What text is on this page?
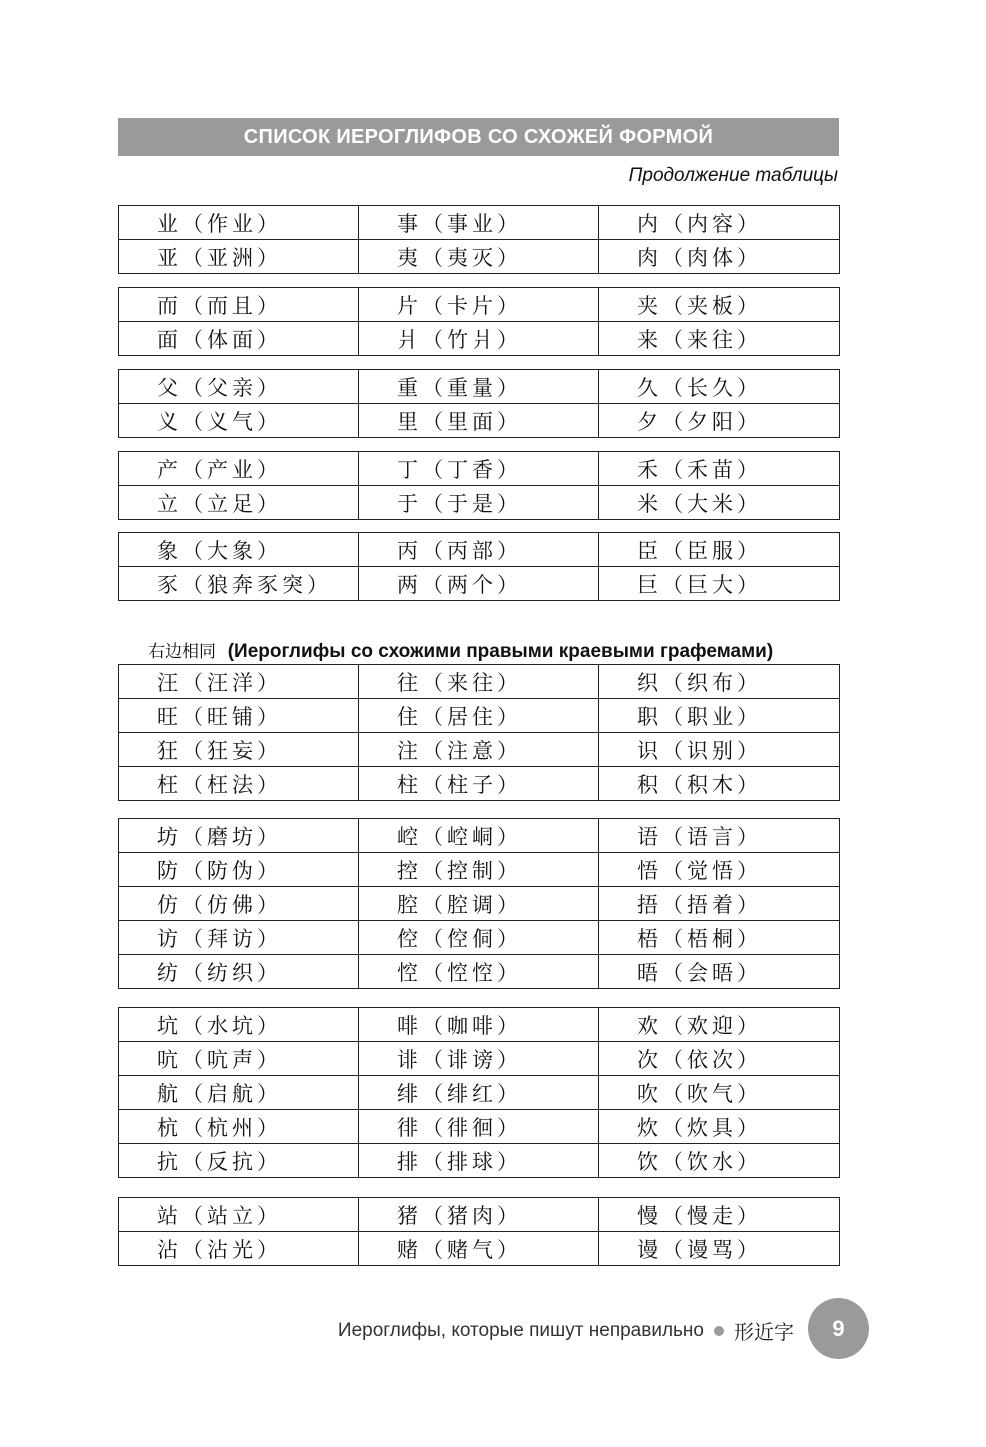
СПИСОК ИЕРОГЛИФОВ СО СХОЖЕЙ ФОРМОЙ
Продолжение таблицы
业（作业）	事（事业）	内（内容）
亚（亚洲）	夷（夷灭）	肉（肉体）
而（而且）	片（卡片）	夹（夹板）
面（体面）	爿（竹爿）	来（来往）
父（父亲）	重（重量）	久（长久）
义（义气）	里（里面）	夕（夕阳）
产（产业）	丁（丁香）	禾（禾苗）
立（立足）	于（于是）	米（大米）
象（大象）	丙（丙部）	臣（臣服）
豕（狼奔豕突）	两（两个）	巨（巨大）
右边相同 (Иероглифы со схожими правыми краевыми графемами)
汪（汪洋）	往（来往）	织（织布）
旺（旺铺）	住（居住）	职（职业）
狂（狂妄）	注（注意）	识（识别）
枉（枉法）	柱（柱子）	积（积木）
坊（磨坊）	崆（崆峒）	语（语言）
防（防伪）	控（控制）	悟（觉悟）
仿（仿佛）	腔（腔调）	捂（捂着）
访（拜访）	倥（倥侗）	梧（梧桐）
纺（纺织）	悾（悾悾）	晤（会晤）
坑（水坑）	啡（咖啡）	欢（欢迎）
吭（吭声）	诽（诽谤）	次（依次）
航（启航）	绯（绯红）	吹（吹气）
杭（杭州）	徘（徘徊）	炊（炊具）
抗（反抗）	排（排球）	饮（饮水）
站（站立）	猪（猪肉）	慢（慢走）
沾（沾光）	赌（赌气）	谩（谩骂）
Иероглифы, которые пишут неправильно 形近字 9
